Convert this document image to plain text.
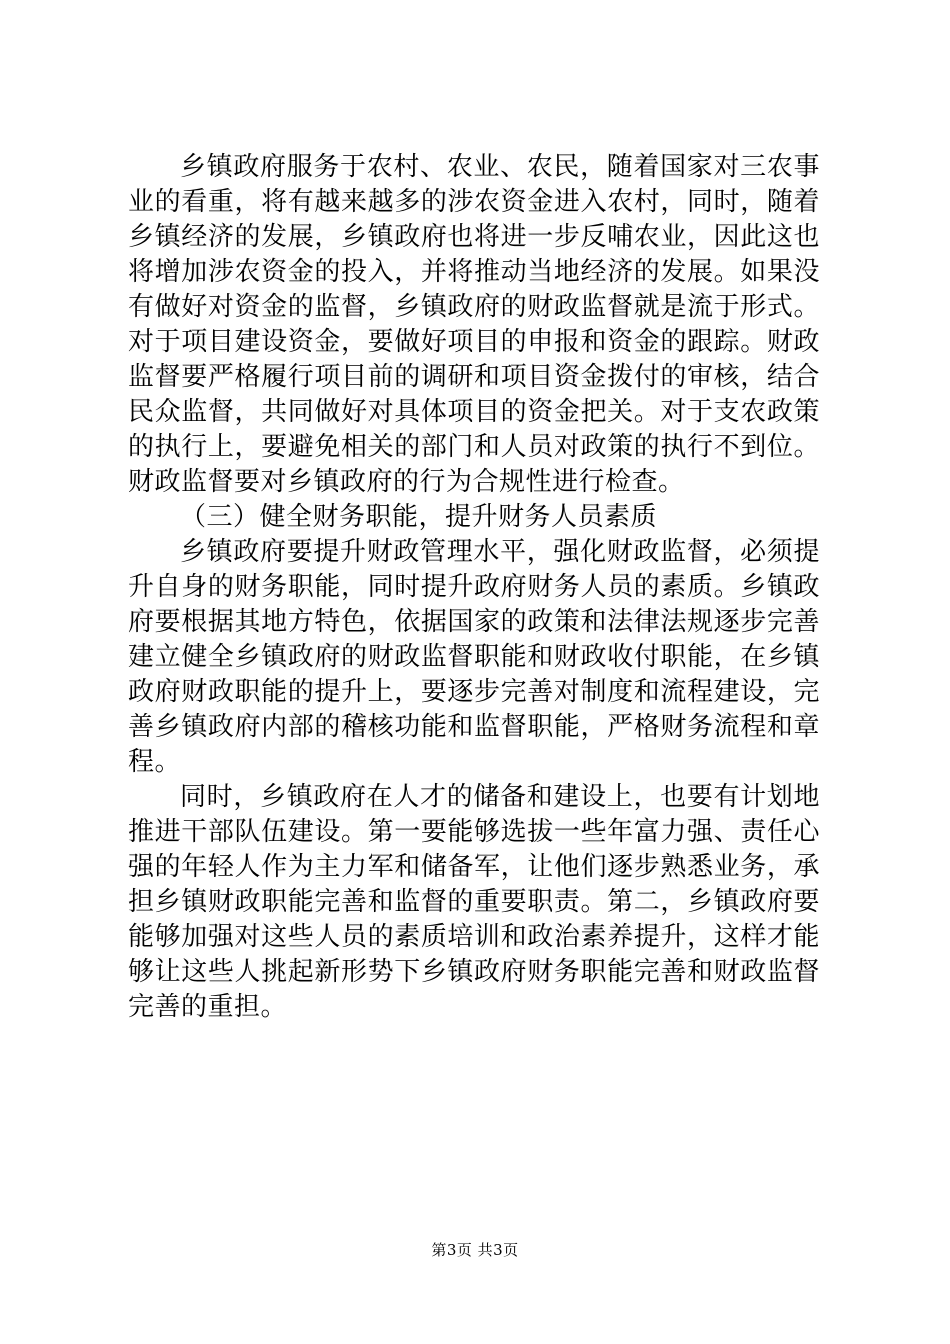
乡镇政府服务于农村、农业、农民，随着国家对三农事业的看重，将有越来越多的涉农资金进入农村，同时，随着乡镇经济的发展，乡镇政府也将进一步反哺农业，因此这也将增加涉农资金的投入，并将推动当地经济的发展。如果没有做好对资金的监督，乡镇政府的财政监督就是流于形式。对于项目建设资金，要做好项目的申报和资金的跟踪。财政监督要严格履行项目前的调研和项目资金拨付的审核，结合民众监督，共同做好对具体项目的资金把关。对于支农政策的执行上，要避免相关的部门和人员对政策的执行不到位。财政监督要对乡镇政府的行为合规性进行检查。

（三）健全财务职能，提升财务人员素质

乡镇政府要提升财政管理水平，强化财政监督，必须提升自身的财务职能，同时提升政府财务人员的素质。乡镇政府要根据其地方特色，依据国家的政策和法律法规逐步完善建立健全乡镇政府的财政监督职能和财政收付职能，在乡镇政府财政职能的提升上，要逐步完善对制度和流程建设，完善乡镇政府内部的稽核功能和监督职能，严格财务流程和章程。

同时，乡镇政府在人才的储备和建设上，也要有计划地推进干部队伍建设。第一要能够选拔一些年富力强、责任心强的年轻人作为主力军和储备军，让他们逐步熟悉业务，承担乡镇财政职能完善和监督的重要职责。第二，乡镇政府要能够加强对这些人员的素质培训和政治素养提升，这样才能够让这些人挑起新形势下乡镇政府财务职能完善和财政监督完善的重担。

第3页 共3页
